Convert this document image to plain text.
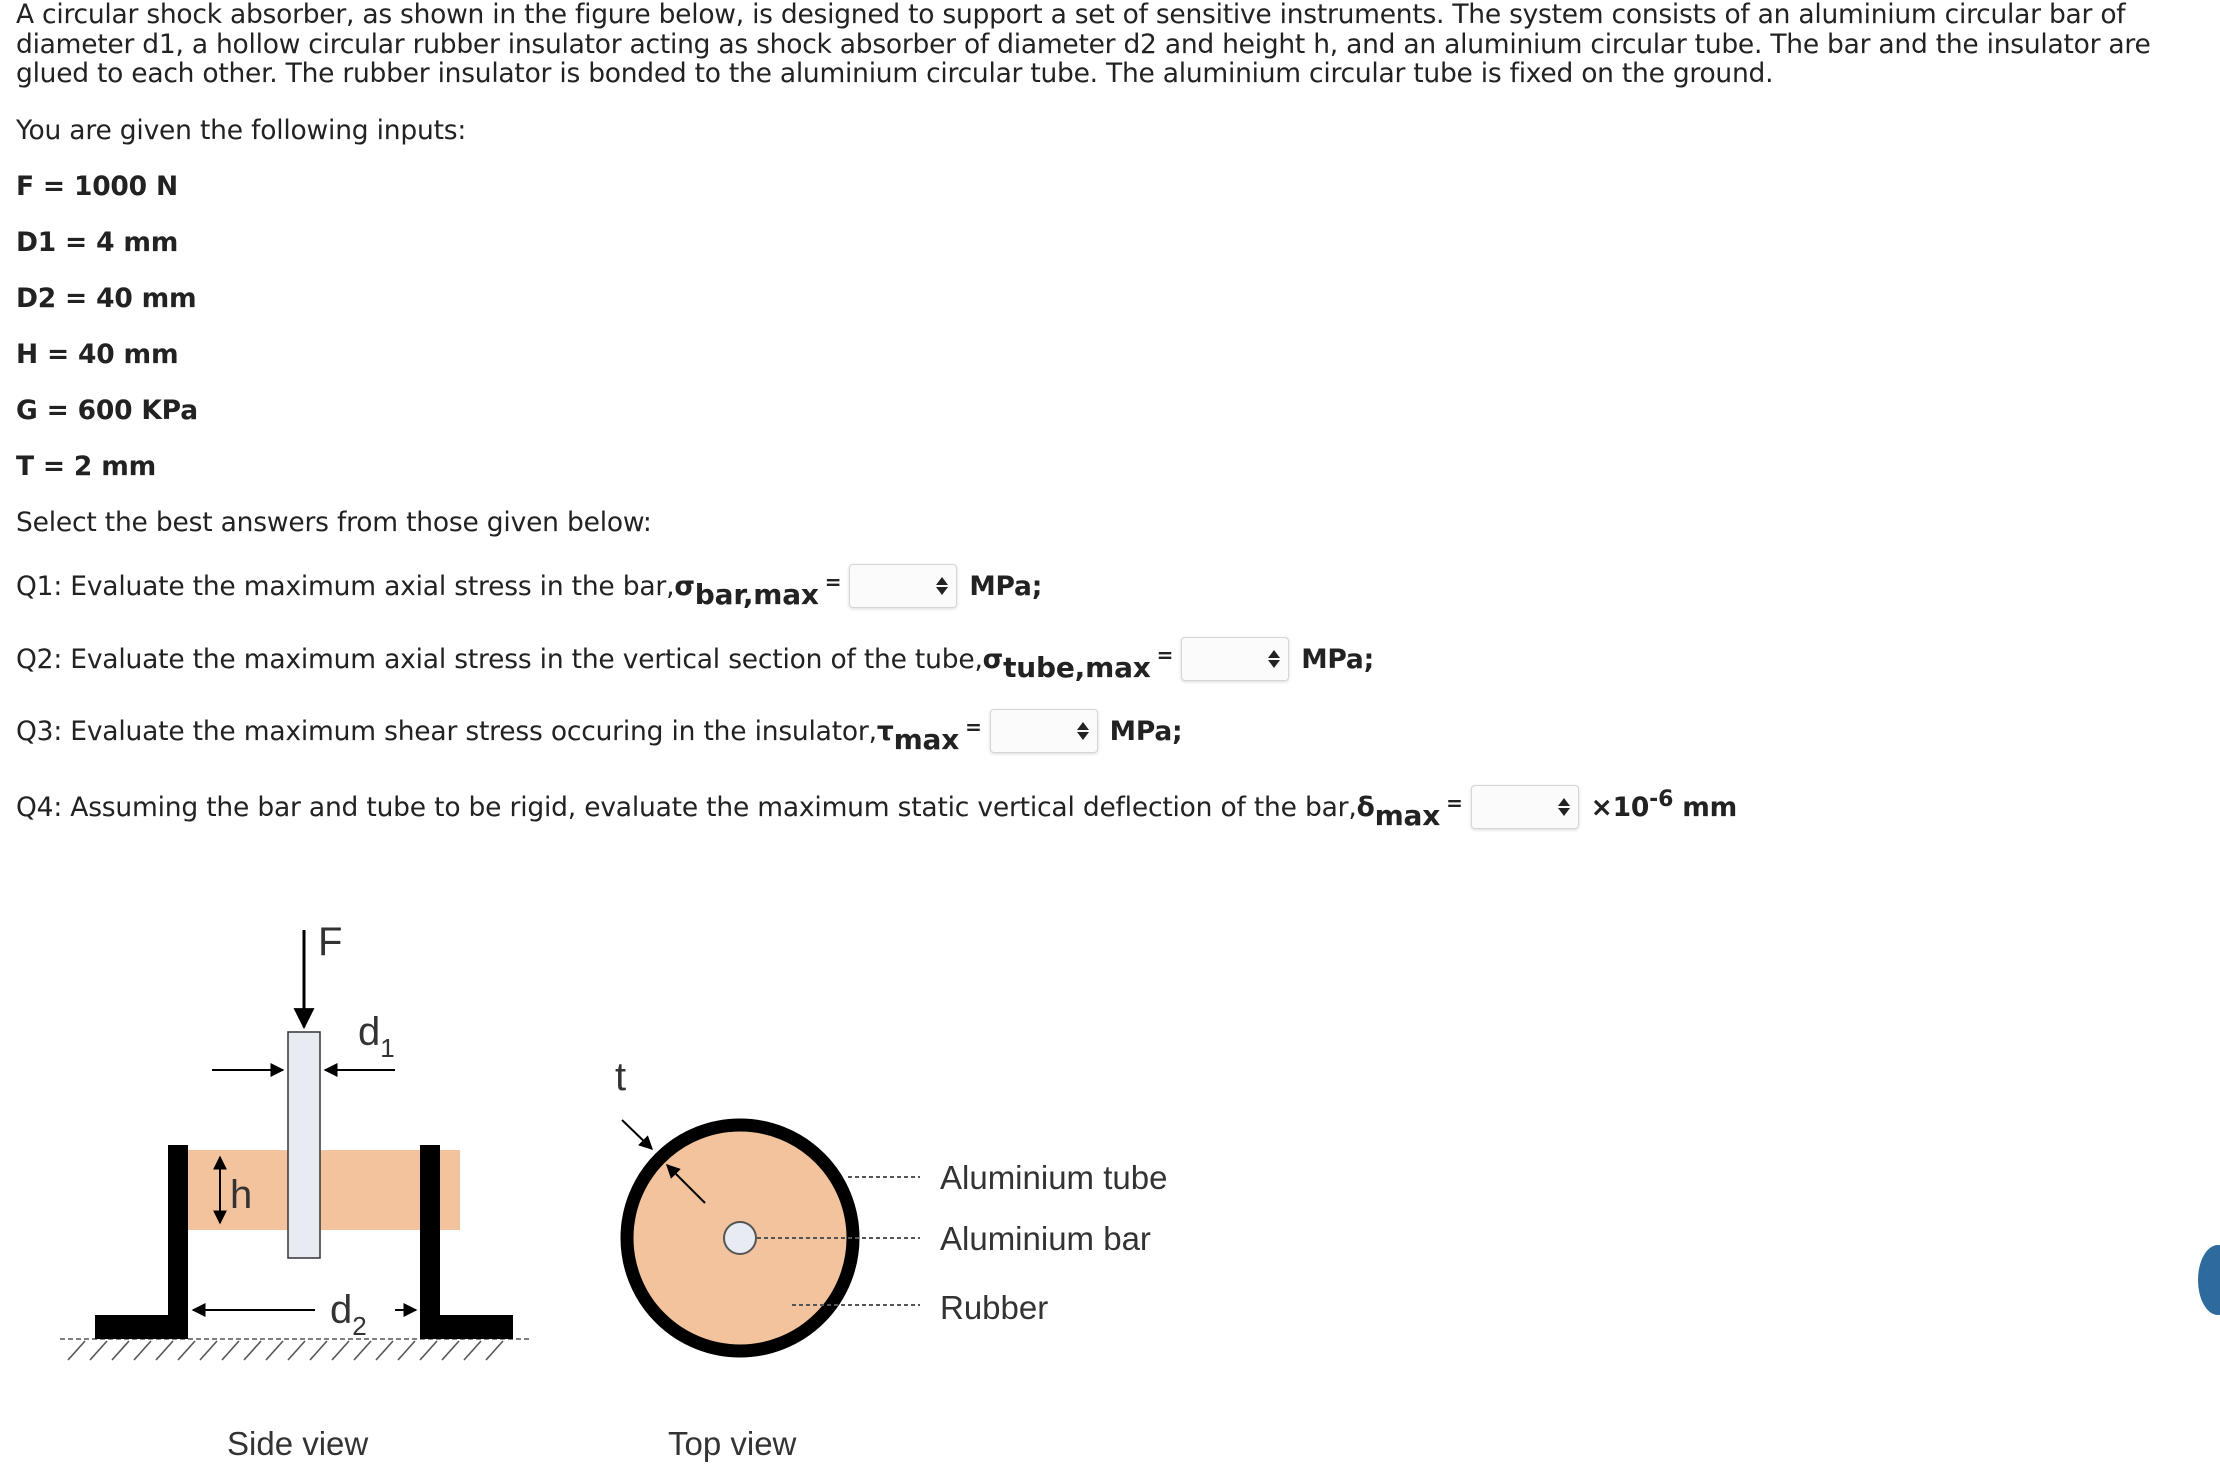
A circular shock absorber, as shown in the figure below, is designed to support a set of sensitive instruments. The system consists of an aluminium circular bar of diameter d1, a hollow circular rubber insulator acting as shock absorber of diameter d2 and height h, and an aluminium circular tube. The bar and the insulator are glued to each other. The rubber insulator is bonded to the aluminium circular tube. The aluminium circular tube is fixed on the ground.
You are given the following inputs:
F = 1000 N
D1 = 4 mm
D2 = 40 mm
H = 40 mm
G = 600 KPa
T = 2 mm
Select the best answers from those given below:
Q1: Evaluate the maximum axial stress in the bar, σ bar,max =	MPa;
Q2: Evaluate the maximum axial stress in the vertical section of the tube, σ tube,max =	MPa;
Q3: Evaluate the maximum shear stress occuring in the insulator, τ max =	MPa;
Q4: Assuming the bar and tube to be rigid, evaluate the maximum static vertical deflection of the bar, δ max =	$\times 10^{-6}$ mm
F
$d_1$
h
$d_2$
Side view
t
Aluminium tube
Aluminium bar
Rubber
Top view
